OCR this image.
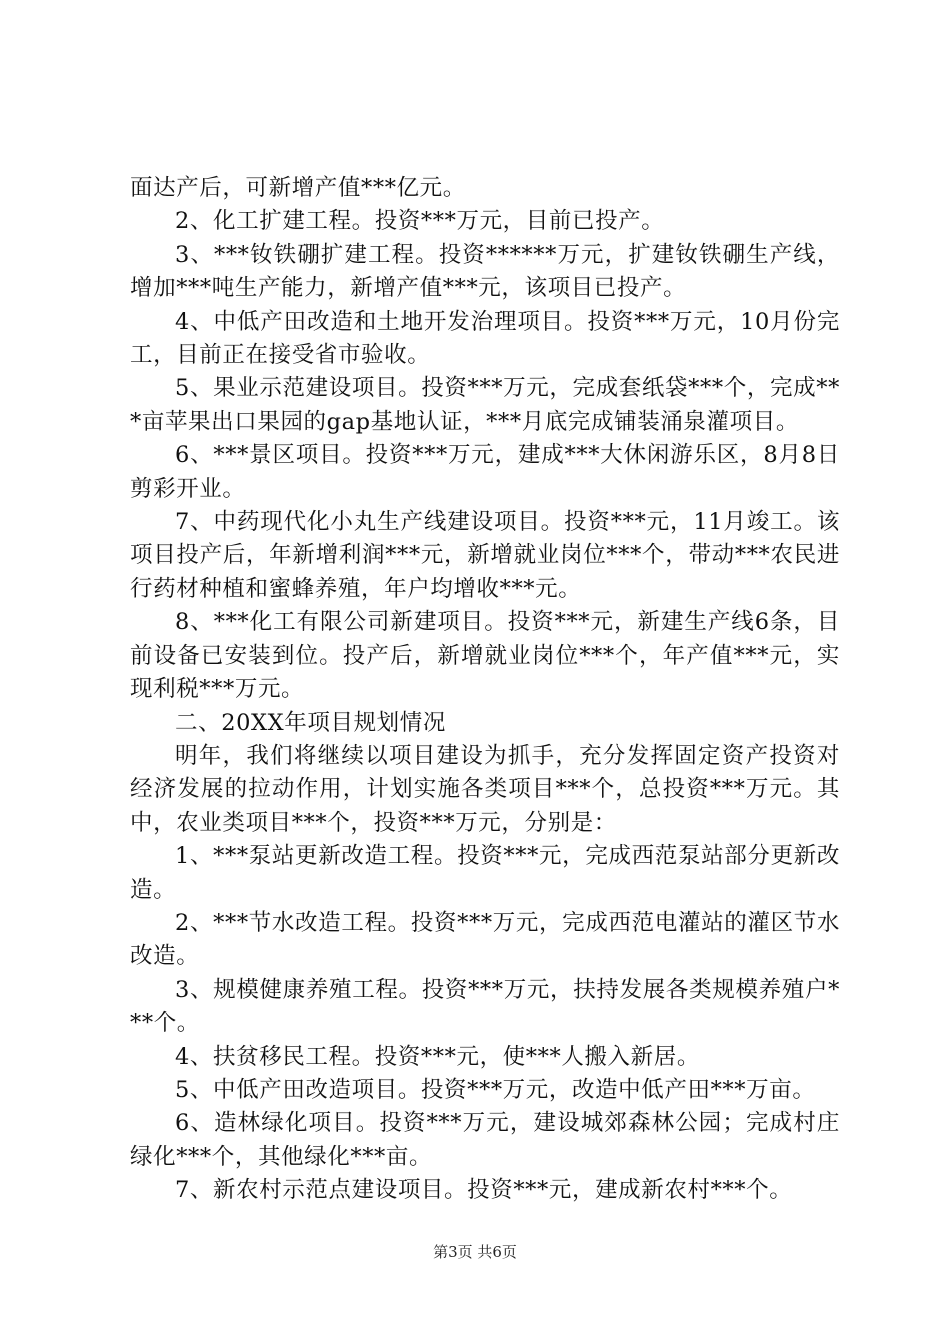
面达产后，可新增产值***亿元。

2、化工扩建工程。投资***万元，目前已投产。

3、***钕铁硼扩建工程。投资******万元，扩建钕铁硼生产线，增加***吨生产能力，新增产值***元，该项目已投产。

4、中低产田改造和土地开发治理项目。投资***万元，10月份完工，目前正在接受省市验收。

5、果业示范建设项目。投资***万元，完成套纸袋***个，完成***亩苹果出口果园的gap基地认证，***月底完成铺装涌泉灌项目。

6、***景区项目。投资***万元，建成***大休闲游乐区，8月8日剪彩开业。

7、中药现代化小丸生产线建设项目。投资***元，11月竣工。该项目投产后，年新增利润***元，新增就业岗位***个，带动***农民进行药材种植和蜜蜂养殖，年户均增收***元。

8、***化工有限公司新建项目。投资***元，新建生产线6条，目前设备已安装到位。投产后，新增就业岗位***个，年产值***元，实现利税***万元。

二、20XX年项目规划情况

明年，我们将继续以项目建设为抓手，充分发挥固定资产投资对经济发展的拉动作用，计划实施各类项目***个，总投资***万元。其中，农业类项目***个，投资***万元，分别是：

1、***泵站更新改造工程。投资***元，完成西范泵站部分更新改造。

2、***节水改造工程。投资***万元，完成西范电灌站的灌区节水改造。

3、规模健康养殖工程。投资***万元，扶持发展各类规模养殖户***个。

4、扶贫移民工程。投资***元，使***人搬入新居。

5、中低产田改造项目。投资***万元，改造中低产田***万亩。

6、造林绿化项目。投资***万元，建设城郊森林公园；完成村庄绿化***个，其他绿化***亩。

7、新农村示范点建设项目。投资***元，建成新农村***个。

第3页 共6页
